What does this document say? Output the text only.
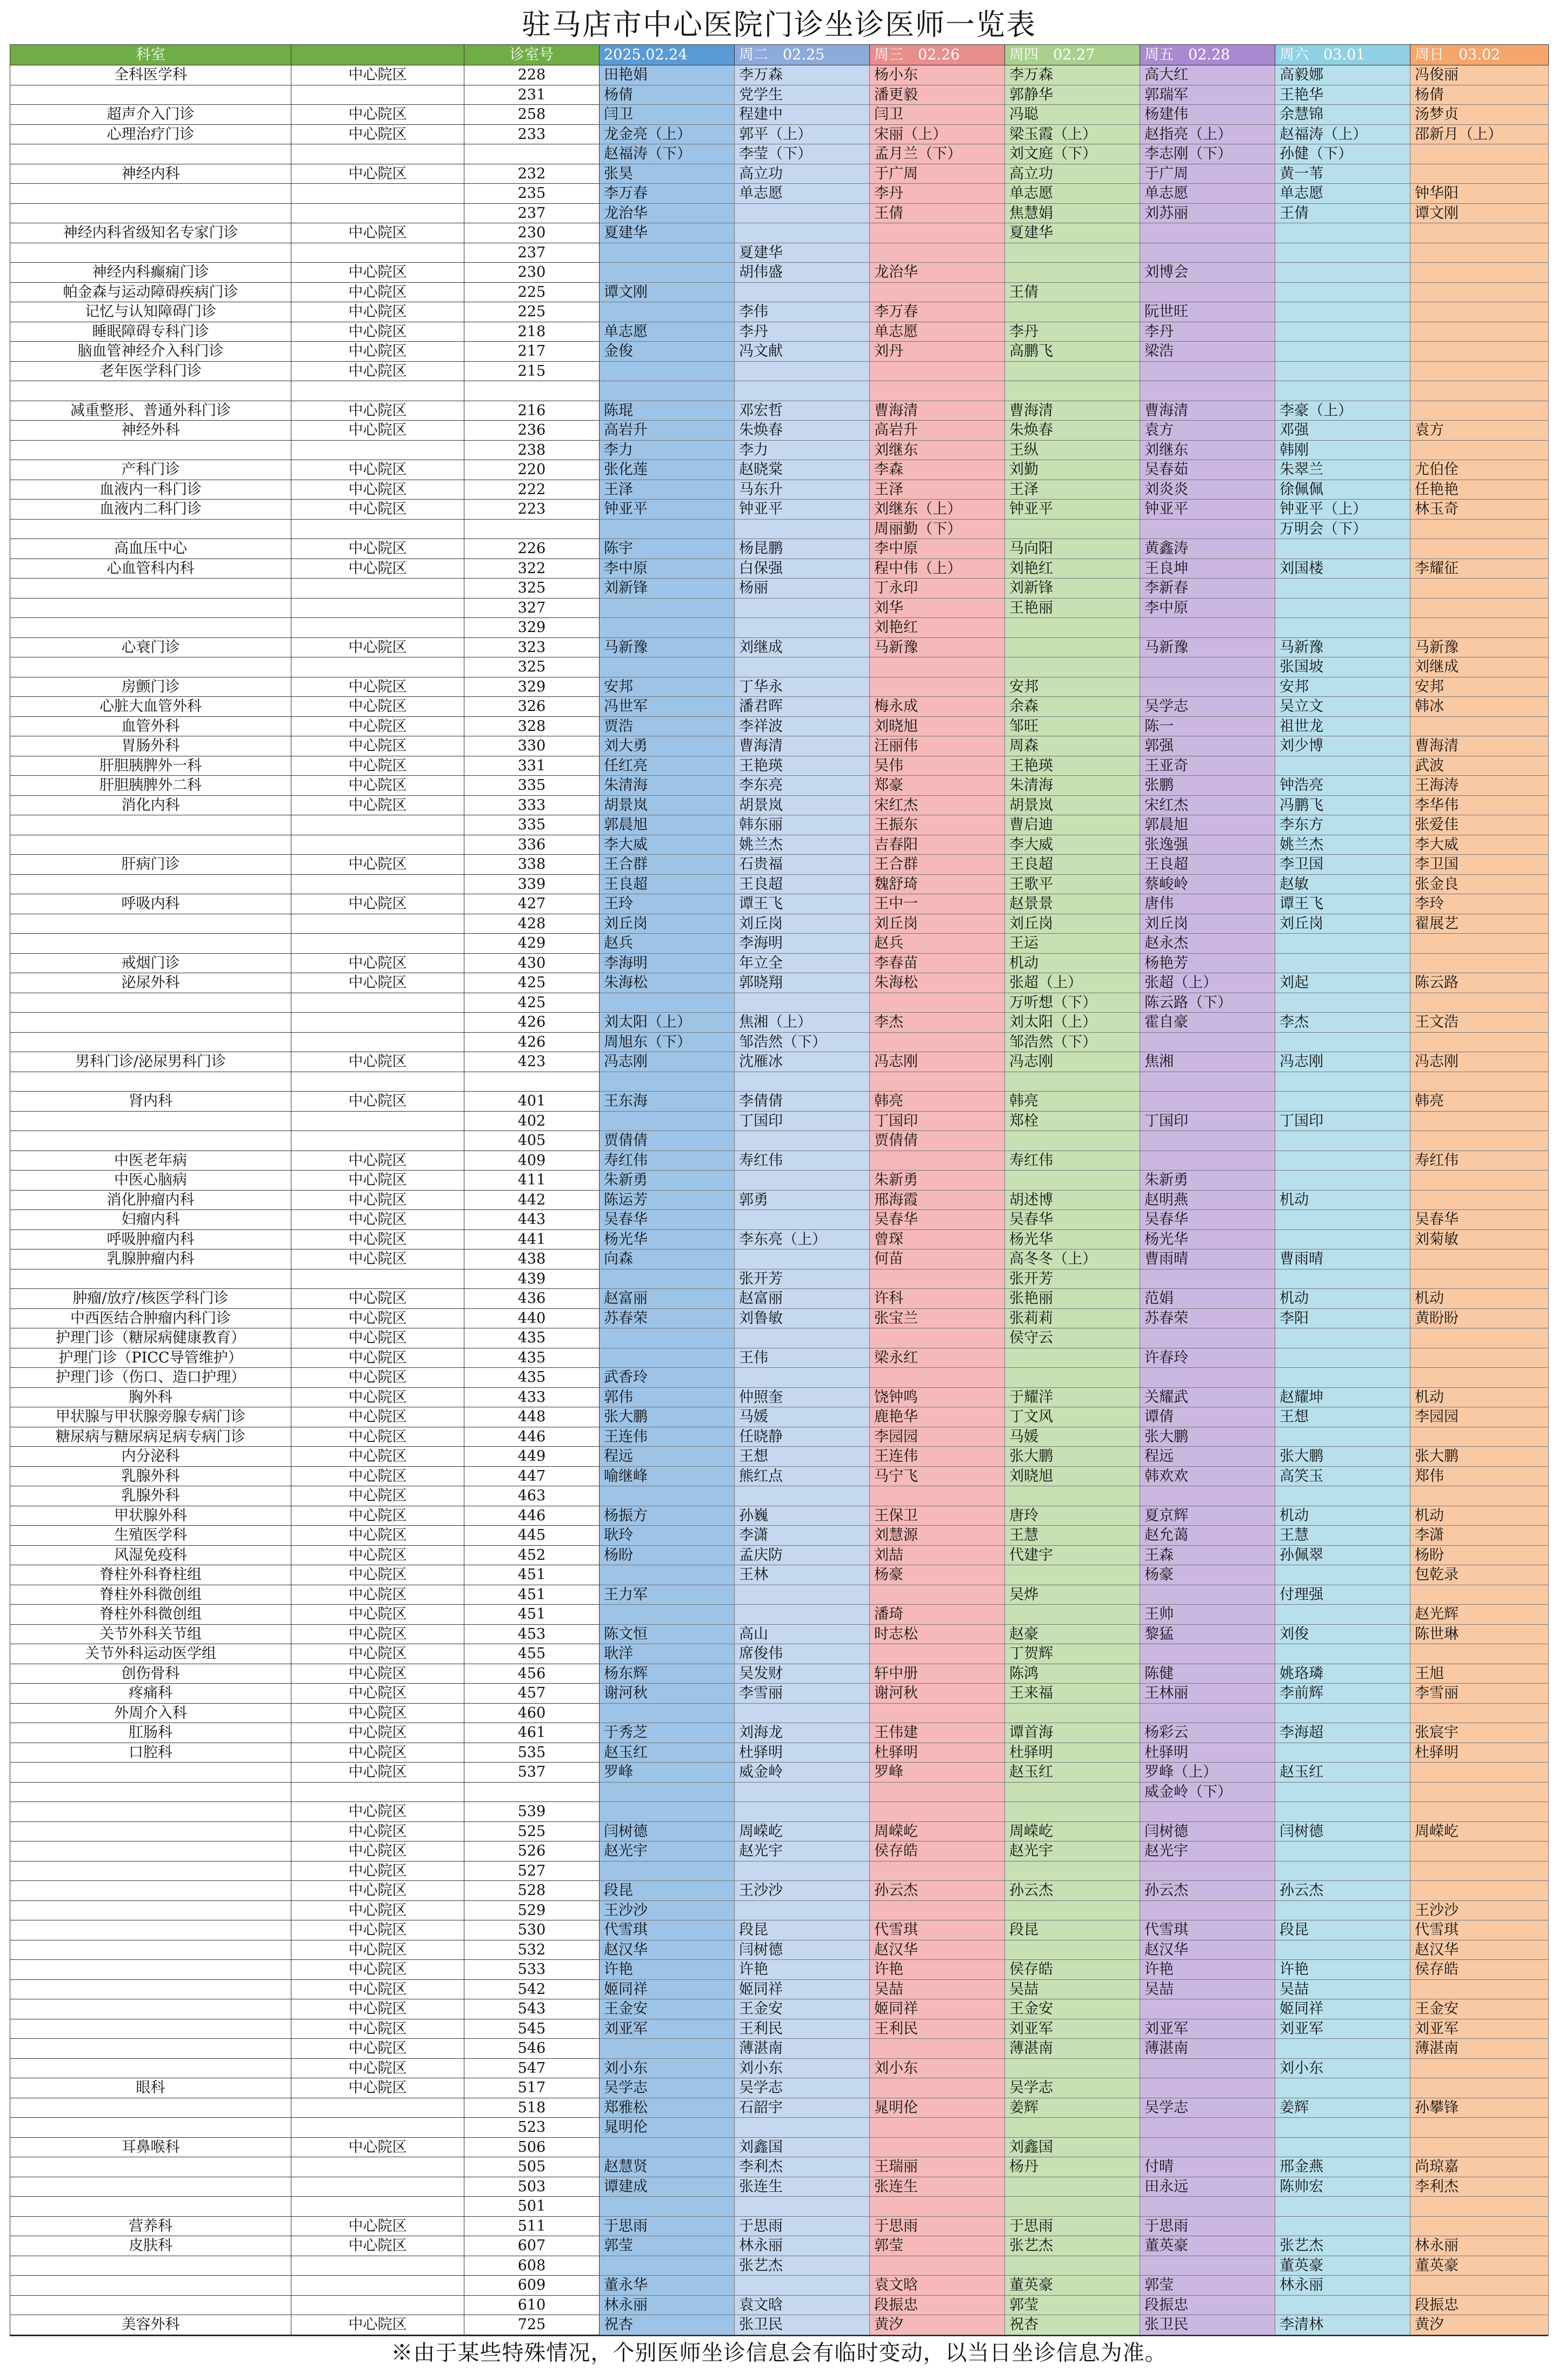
驻马店市中心医院门诊坐诊医师一览表
科室		诊室号	2025.02.24	周二　02.25	周三　02.26	周四　02.27	周五　02.28	周六　03.01	周日　03.02
全科医学科	中心院区	228	田艳娟	李万森	杨小东	李万森	高大红	高毅娜	冯俊丽
		231	杨倩	党学生	潘更毅	郭静华	郭瑞军	王艳华	杨倩
超声介入门诊	中心院区	258	闫卫	程建中	闫卫	冯聪	杨建伟	余慧锦	汤梦贞
心理治疗门诊	中心院区	233	龙金亮（上）	郭平（上）	宋丽（上）	梁玉霞（上）	赵指亮（上）	赵福涛（上）	邵新月（上）
			赵福涛（下）	李莹（下）	孟月兰（下）	刘文庭（下）	李志刚（下）	孙健（下）	
神经内科	中心院区	232	张昊	高立功	于广周	高立功	于广周	黄一苇	
		235	李万春	单志愿	李丹	单志愿	单志愿	单志愿	钟华阳
		237	龙治华		王倩	焦慧娟	刘苏丽	王倩	谭文刚
神经内科省级知名专家门诊	中心院区	230	夏建华			夏建华			
		237		夏建华					
神经内科癫痫门诊	中心院区	230		胡伟盛	龙治华		刘博会		
帕金森与运动障碍疾病门诊	中心院区	225	谭文刚			王倩			
记忆与认知障碍门诊	中心院区	225		李伟	李万春		阮世旺		
睡眠障碍专科门诊	中心院区	218	单志愿	李丹	单志愿	李丹	李丹		
脑血管神经介入科门诊	中心院区	217	金俊	冯文献	刘丹	高鹏飞	梁浩		
老年医学科门诊	中心院区	215							

减重整形、普通外科门诊	中心院区	216	陈琨	邓宏哲	曹海清	曹海清	曹海清	李豪（上）	
神经外科	中心院区	236	高岩升	朱焕春	高岩升	朱焕春	袁方	邓强	袁方
		238	李力	李力	刘继东	王纵	刘继东	韩刚	
产科门诊	中心院区	220	张化莲	赵晓棠	李森	刘勤	吴春茹	朱翠兰	尤伯佺
血液内一科门诊	中心院区	222	王泽	马东升	王泽	王泽	刘炎炎	徐佩佩	任艳艳
血液内二科门诊	中心院区	223	钟亚平	钟亚平	刘继东（上）	钟亚平	钟亚平	钟亚平（上）	林玉奇
					周丽勤（下）			万明会（下）	
高血压中心	中心院区	226	陈宇	杨昆鹏	李中原	马向阳	黄鑫涛		
心血管科内科	中心院区	322	李中原	白保强	程中伟（上）	刘艳红	王良坤	刘国楼	李耀征
		325	刘新锋	杨丽	丁永印	刘新锋	李新春		
		327			刘华	王艳丽	李中原		
		329			刘艳红				
心衰门诊	中心院区	323	马新豫	刘继成	马新豫		马新豫	马新豫	马新豫
		325						张国坡	刘继成
房颤门诊	中心院区	329	安邦	丁华永		安邦		安邦	安邦
心脏大血管外科	中心院区	326	冯世军	潘君晖	梅永成	余森	吴学志	吴立文	韩冰
血管外科	中心院区	328	贾浩	李祥波	刘晓旭	邹旺	陈一	祖世龙	
胃肠外科	中心院区	330	刘大勇	曹海清	汪丽伟	周森	郭强	刘少博	曹海清
肝胆胰脾外一科	中心院区	331	任红亮	王艳瑛	吴伟	王艳瑛	王亚奇		武波
肝胆胰脾外二科	中心院区	335	朱清海	李东亮	郑豪	朱清海	张鹏	钟浩亮	王海涛
消化内科	中心院区	333	胡景岚	胡景岚	宋红杰	胡景岚	宋红杰	冯鹏飞	李华伟
		335	郭晨旭	韩东丽	王振东	曹启迪	郭晨旭	李东方	张爱佳
		336	李大威	姚兰杰	吉春阳	李大威	张逸强	姚兰杰	李大威
肝病门诊	中心院区	338	王合群	石贵福	王合群	王良超	王良超	李卫国	李卫国
		339	王良超	王良超	魏舒琦	王歌平	蔡峻岭	赵敏	张金良
呼吸内科	中心院区	427	王玲	谭王飞	王中一	赵景景	唐伟	谭王飞	李玲
		428	刘丘岗	刘丘岗	刘丘岗	刘丘岗	刘丘岗	刘丘岗	翟展艺
		429	赵兵	李海明	赵兵	王运	赵永杰		
戒烟门诊	中心院区	430	李海明	年立全	李春苗	机动	杨艳芳		
泌尿外科	中心院区	425	朱海松	郭晓翔	朱海松	张超（上）	张超（上）	刘起	陈云路
		425				万听想（下）	陈云路（下）		
		426	刘太阳（上）	焦湘（上）	李杰	刘太阳（上）	霍自豪	李杰	王文浩
		426	周旭东（下）	邹浩然（下）		邹浩然（下）			
男科门诊/泌尿男科门诊	中心院区	423	冯志刚	沈雁冰	冯志刚	冯志刚	焦湘	冯志刚	冯志刚

肾内科	中心院区	401	王东海	李倩倩	韩亮	韩亮			韩亮
		402		丁国印	丁国印	郑栓	丁国印	丁国印	
		405	贾倩倩		贾倩倩				
中医老年病	中心院区	409	寿红伟	寿红伟		寿红伟			寿红伟
中医心脑病	中心院区	411	朱新勇		朱新勇		朱新勇		
消化肿瘤内科	中心院区	442	陈运芳	郭勇	邢海霞	胡述博	赵明燕	机动	
妇瘤内科	中心院区	443	吴春华		吴春华	吴春华	吴春华		吴春华
呼吸肿瘤内科	中心院区	441	杨光华	李东亮（上）	曾琛	杨光华	杨光华		刘菊敏
乳腺肿瘤内科	中心院区	438	向森		何苗	高冬冬（上）	曹雨晴	曹雨晴	
		439		张开芳		张开芳			
肿瘤/放疗/核医学科门诊	中心院区	436	赵富丽	赵富丽	许科	张艳丽	范娟	机动	机动
中西医结合肿瘤内科门诊	中心院区	440	苏春荣	刘鲁敏	张宝兰	张莉莉	苏春荣	李阳	黄盼盼
护理门诊（糖尿病健康教育）	中心院区	435				侯守云			
护理门诊（PICC导管维护）	中心院区	435		王伟	梁永红		许春玲		
护理门诊（伤口、造口护理）	中心院区	435	武香玲						
胸外科	中心院区	433	郭伟	仲照奎	饶钟鸣	于耀洋	关耀武	赵耀坤	机动
甲状腺与甲状腺旁腺专病门诊	中心院区	448	张大鹏	马媛	鹿艳华	丁文风	谭倩	王想	李园园
糖尿病与糖尿病足病专病门诊	中心院区	446	王连伟	任晓静	李园园	马媛	张大鹏		
内分泌科	中心院区	449	程远	王想	王连伟	张大鹏	程远	张大鹏	张大鹏
乳腺外科	中心院区	447	喻继峰	熊红点	马宁飞	刘晓旭	韩欢欢	高笑玉	郑伟
乳腺外科	中心院区	463							
甲状腺外科	中心院区	446	杨振方	孙巍	王保卫	唐玲	夏京辉	机动	机动
生殖医学科	中心院区	445	耿玲	李潇	刘慧源	王慧	赵允蔼	王慧	李潇
风湿免疫科	中心院区	452	杨盼	孟庆防	刘喆	代建宇	王森	孙佩翠	杨盼
脊柱外科脊柱组	中心院区	451		王林	杨豪		杨豪		包乾录
脊柱外科微创组	中心院区	451	王力军			吴烨		付理强	
脊柱外科微创组	中心院区	451			潘琦		王帅		赵光辉
关节外科关节组	中心院区	453	陈文恒	高山	时志松	赵豪	黎猛	刘俊	陈世琳
关节外科运动医学组	中心院区	455	耿洋	席俊伟		丁贺辉			
创伤骨科	中心院区	456	杨东辉	吴发财	轩中册	陈鸿	陈健	姚珞璘	王旭
疼痛科	中心院区	457	谢河秋	李雪丽	谢河秋	王来福	王林丽	李前辉	李雪丽
外周介入科	中心院区	460							
肛肠科	中心院区	461	于秀芝	刘海龙	王伟建	谭首海	杨彩云	李海超	张宸宇
口腔科	中心院区	535	赵玉红	杜驿明	杜驿明	杜驿明	杜驿明		杜驿明
	中心院区	537	罗峰	威金岭	罗峰	赵玉红	罗峰（上）	赵玉红	
							威金岭（下）		
	中心院区	539							
	中心院区	525	闫树德	周嵘屹	周嵘屹	周嵘屹	闫树德	闫树德	周嵘屹
	中心院区	526	赵光宇	赵光宇	侯存皓	赵光宇	赵光宇		
	中心院区	527							
	中心院区	528	段昆	王沙沙	孙云杰	孙云杰	孙云杰	孙云杰	
	中心院区	529	王沙沙						王沙沙
	中心院区	530	代雪琪	段昆	代雪琪	段昆	代雪琪	段昆	代雪琪
	中心院区	532	赵汉华	闫树德	赵汉华		赵汉华		赵汉华
	中心院区	533	许艳	许艳	许艳	侯存皓	许艳	许艳	侯存皓
	中心院区	542	姬同祥	姬同祥	吴喆	吴喆	吴喆	吴喆	
	中心院区	543	王金安	王金安	姬同祥	王金安		姬同祥	王金安
	中心院区	545	刘亚军	王利民	王利民	刘亚军	刘亚军	刘亚军	刘亚军
	中心院区	546		薄湛南		薄湛南	薄湛南		薄湛南
	中心院区	547	刘小东	刘小东	刘小东			刘小东	
眼科	中心院区	517	吴学志	吴学志		吴学志			
		518	郑雅松	石韶宇	晁明伦	姜辉	吴学志	姜辉	孙攀锋
		523	晁明伦						
耳鼻喉科	中心院区	506		刘鑫国		刘鑫国			
		505	赵慧贤	李利杰	王瑞丽	杨丹	付晴	邢金燕	尚琼嘉
		503	谭建成	张连生	张连生		田永远	陈帅宏	李利杰
		501							
营养科	中心院区	511	于思雨	于思雨	于思雨	于思雨	于思雨		
皮肤科	中心院区	607	郭莹	林永丽	郭莹	张艺杰	董英豪	张艺杰	林永丽
		608		张艺杰				董英豪	董英豪
		609	董永华		袁文晗	董英豪	郭莹	林永丽	
		610	林永丽	袁文晗	段振忠	郭莹	段振忠		段振忠
美容外科	中心院区	725	祝杏	张卫民	黄汐	祝杏	张卫民	李清林	黄汐
※由于某些特殊情况，个别医师坐诊信息会有临时变动，以当日坐诊信息为准。
